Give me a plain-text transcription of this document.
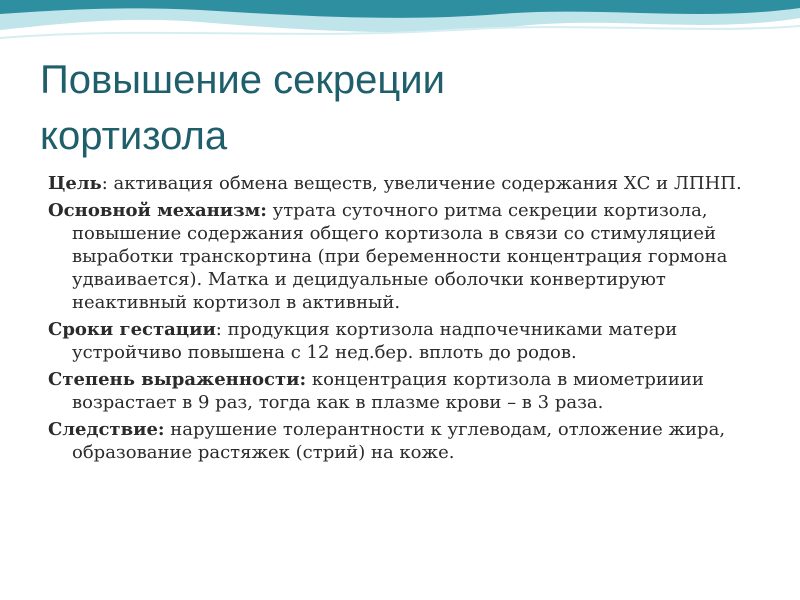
Повышение секреции
кортизола

Цель: активация обмена веществ, увеличение содержания ХС и ЛПНП.

Основной механизм: утрата суточного ритма секреции кортизола, повышение содержания общего кортизола в связи со стимуляцией выработки транскортина (при беременности концентрация гормона удваивается). Матка и децидуальные оболочки конвертируют неактивный кортизол в активный.

Сроки гестации: продукция кортизола надпочечниками матери устройчиво повышена с 12 нед.бер. вплоть до родов.

Степень выраженности: концентрация кортизола в миометрииии возрастает в 9 раз, тогда как в плазме крови – в 3 раза.

Следствие: нарушение толерантности к углеводам, отложение жира, образование растяжек (стрий) на коже.
